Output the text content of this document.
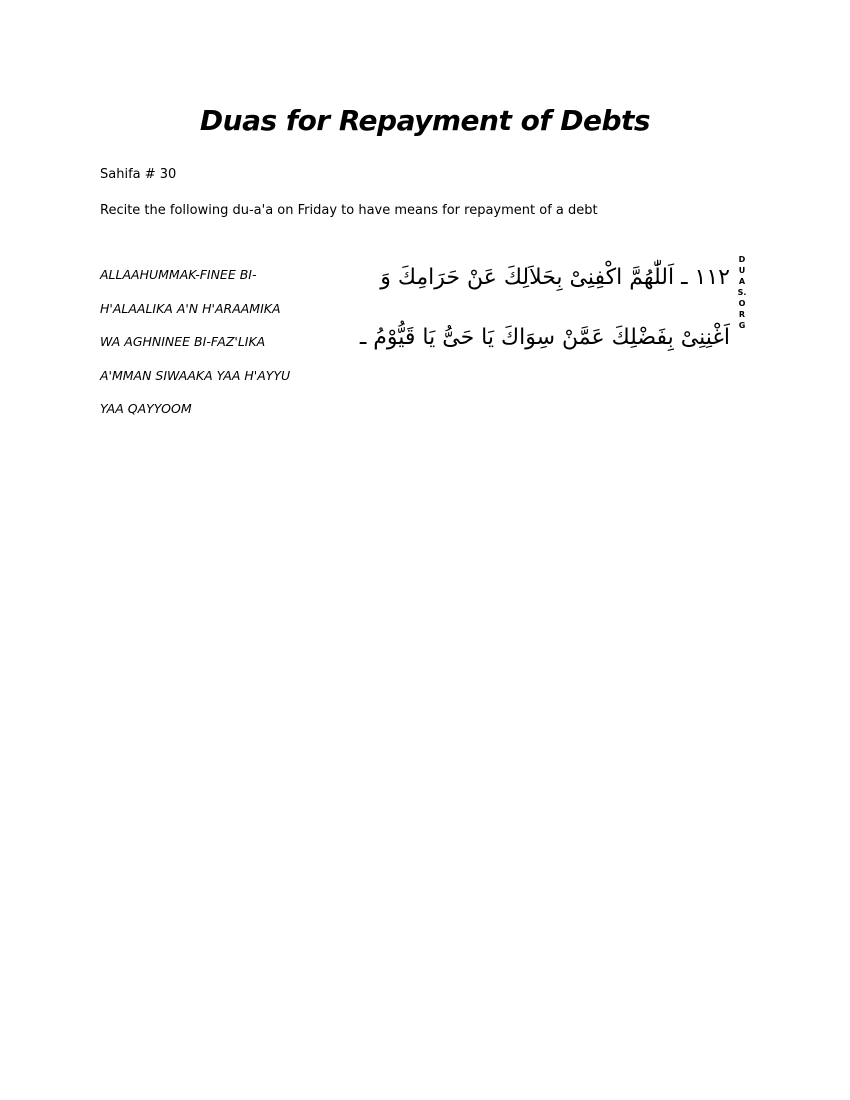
Duas for Repayment of Debts

Sahifa # 30

Recite the following du-a'a on Friday to have means for repayment of a debt

ALLAAHUMMAK-FINEE BI-
H'ALAALIKA A'N H'ARAAMIKA
WA AGHNINEE BI-FAZ'LIKA
A'MMAN SIWAAKA YAA H'AYYU
YAA QAYYOOM
١١٢ ـ اَللّٰهُمَّ اكْفِنِىْ بِحَلاَلِكَ عَنْ حَرَامِكَ وَ
اَغْنِنِىْ بِفَضْلِكَ عَمَّنْ سِوَاكَ يَا حَىُّ يَا قَيُّوْمُ ـ
DUAS.ORG
